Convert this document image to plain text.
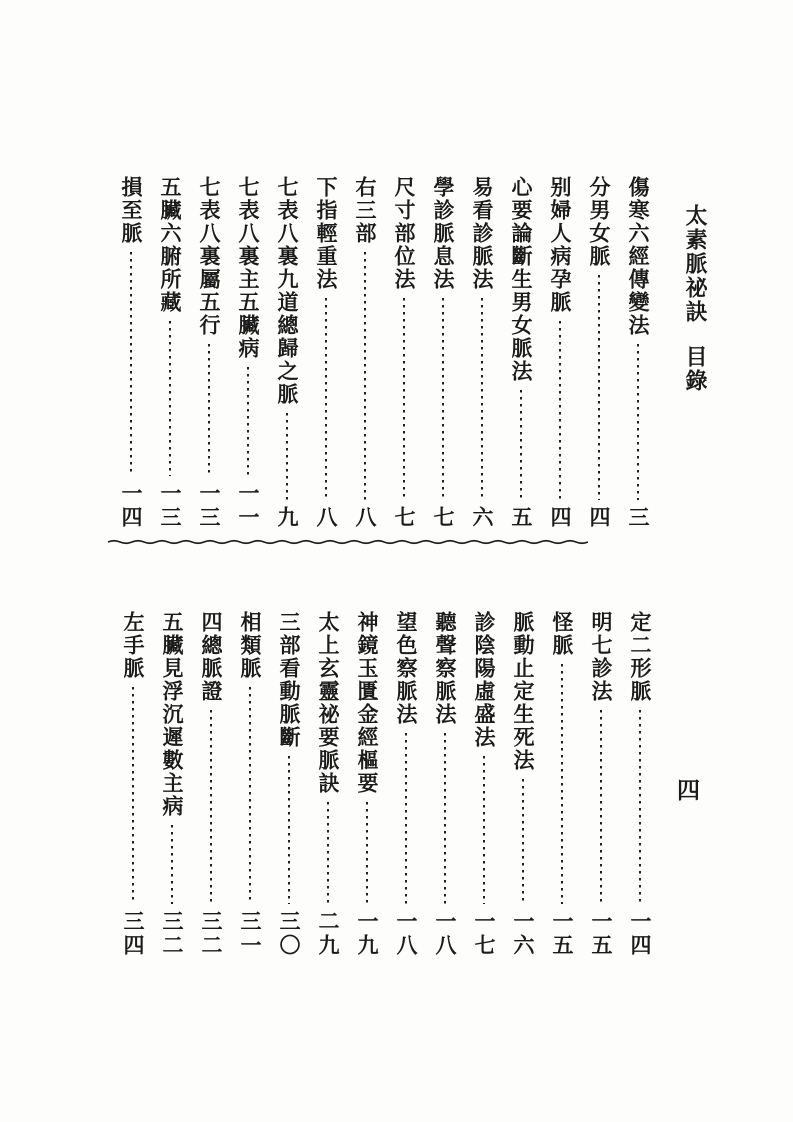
太素脈祕訣
目錄
傷寒六經傳變法
三
分男女脈
四
别婦人病孕脈
四
心要論斷生男女脈法
五
易看診脈法
六
學診脈息法
七
尺寸部位法
七
右三部
八
下指輕重法
八
七表八裏九道總歸之脈
九
七表八裏主五臟病
一一
七表八裏屬五行
一三
五臟六腑所藏
一三
損至脈
一四
定二形脈
一四
明七診法
一五
怪脈
一五
脈動止定生死法
一六
診陰陽虛盛法
一七
聽聲察脈法
一八
望色察脈法
一八
神鏡玉匱金經樞要
一九
太上玄靈祕要脈訣
二九
三部看動脈斷
三〇
相類脈
三一
四總脈證
三二
五臟見浮沉遲數主病
三二
左手脈
三四
四
